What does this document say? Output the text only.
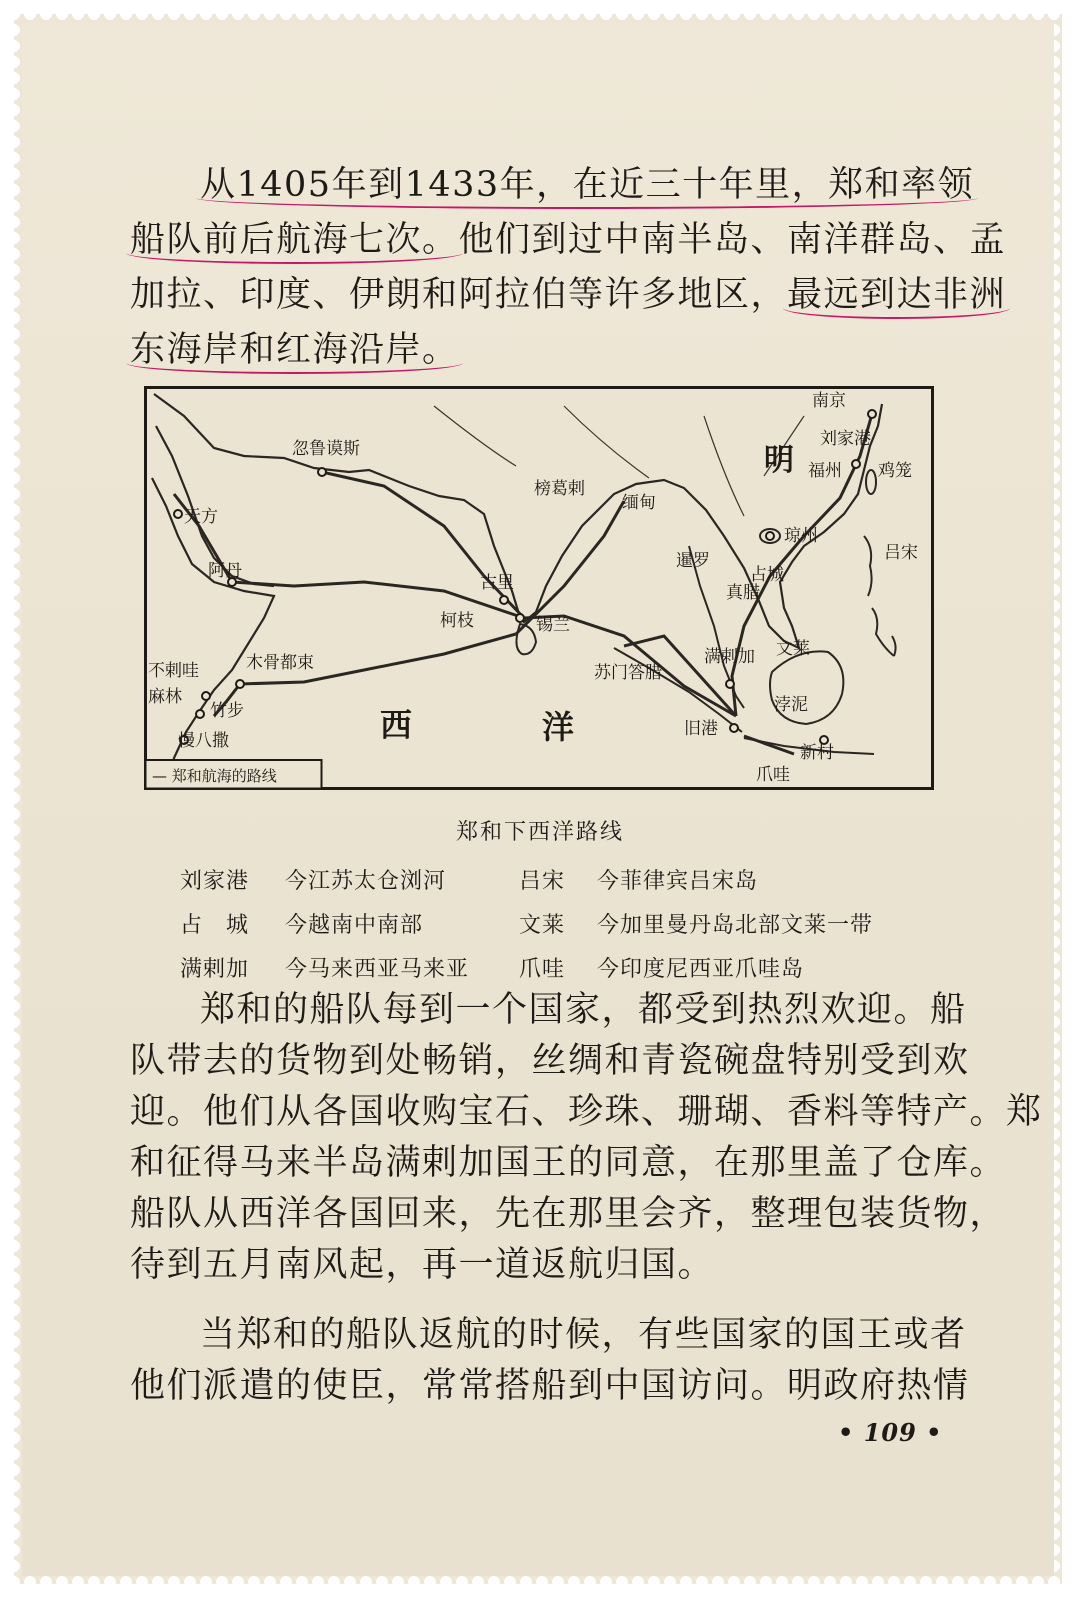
从1405年到1433年，在近三十年里，郑和率领
船队前后航海七次。他们到过中南半岛、南洋群岛、孟
加拉、印度、伊朗和阿拉伯等许多地区，最远到达非洲
东海岸和红海沿岸。
南京
刘家港
福州 鸡笼
琼州
吕宋
忽鲁谟斯
天方
阿丹
榜葛剌
缅甸
暹罗
真腊
占城
古里
柯枝	锡兰
满剌加
苏门答腊
旧港
文莱
浡泥
新村
爪哇
木骨都束
不剌哇
麻林
竹步
慢八撒
明
西	洋
— 郑和航海的路线
郑和下西洋路线
刘家港	今江苏太仓浏河	吕宋	今菲律宾吕宋岛
占　城	今越南中南部	文莱	今加里曼丹岛北部文莱一带
满剌加	今马来西亚马来亚	爪哇	今印度尼西亚爪哇岛
郑和的船队每到一个国家，都受到热烈欢迎。船
队带去的货物到处畅销，丝绸和青瓷碗盘特别受到欢
迎。他们从各国收购宝石、珍珠、珊瑚、香料等特产。郑
和征得马来半岛满剌加国王的同意，在那里盖了仓库。
船队从西洋各国回来，先在那里会齐，整理包装货物，
待到五月南风起，再一道返航归国。
当郑和的船队返航的时候，有些国家的国王或者
他们派遣的使臣，常常搭船到中国访问。明政府热情
• 109 •
